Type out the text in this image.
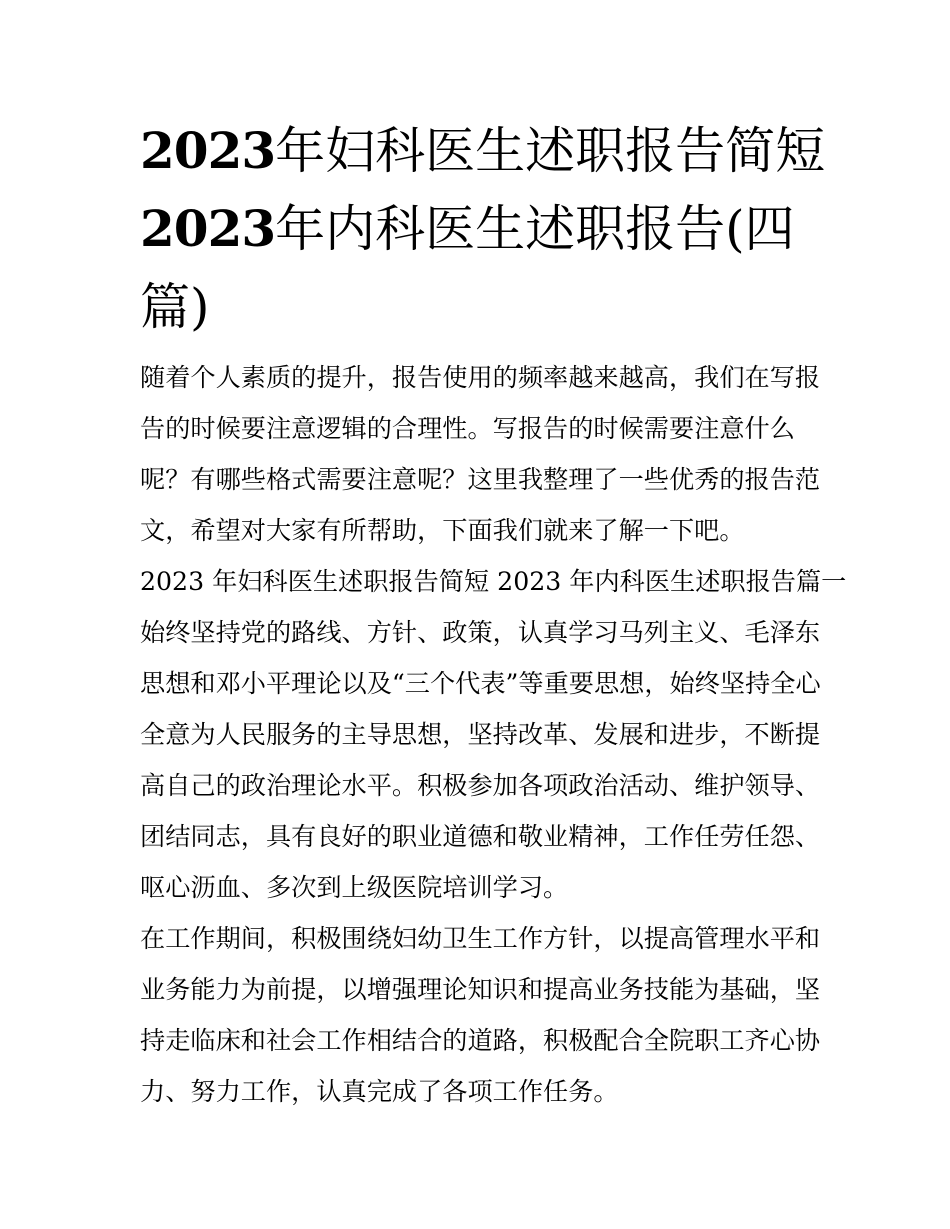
2023年妇科医生述职报告简短
2023年内科医生述职报告(四
篇)

随着个人素质的提升，报告使用的频率越来越高，我们在写报
告的时候要注意逻辑的合理性。写报告的时候需要注意什么
呢？有哪些格式需要注意呢？这里我整理了一些优秀的报告范
文，希望对大家有所帮助，下面我们就来了解一下吧。

2023 年妇科医生述职报告简短 2023 年内科医生述职报告篇一

始终坚持党的路线、方针、政策，认真学习马列主义、毛泽东
思想和邓小平理论以及“三个代表”等重要思想，始终坚持全心
全意为人民服务的主导思想，坚持改革、发展和进步，不断提
高自己的政治理论水平。积极参加各项政治活动、维护领导、
团结同志，具有良好的职业道德和敬业精神，工作任劳任怨、
呕心沥血、多次到上级医院培训学习。

在工作期间，积极围绕妇幼卫生工作方针，以提高管理水平和
业务能力为前提，以增强理论知识和提高业务技能为基础，坚
持走临床和社会工作相结合的道路，积极配合全院职工齐心协
力、努力工作，认真完成了各项工作任务。
